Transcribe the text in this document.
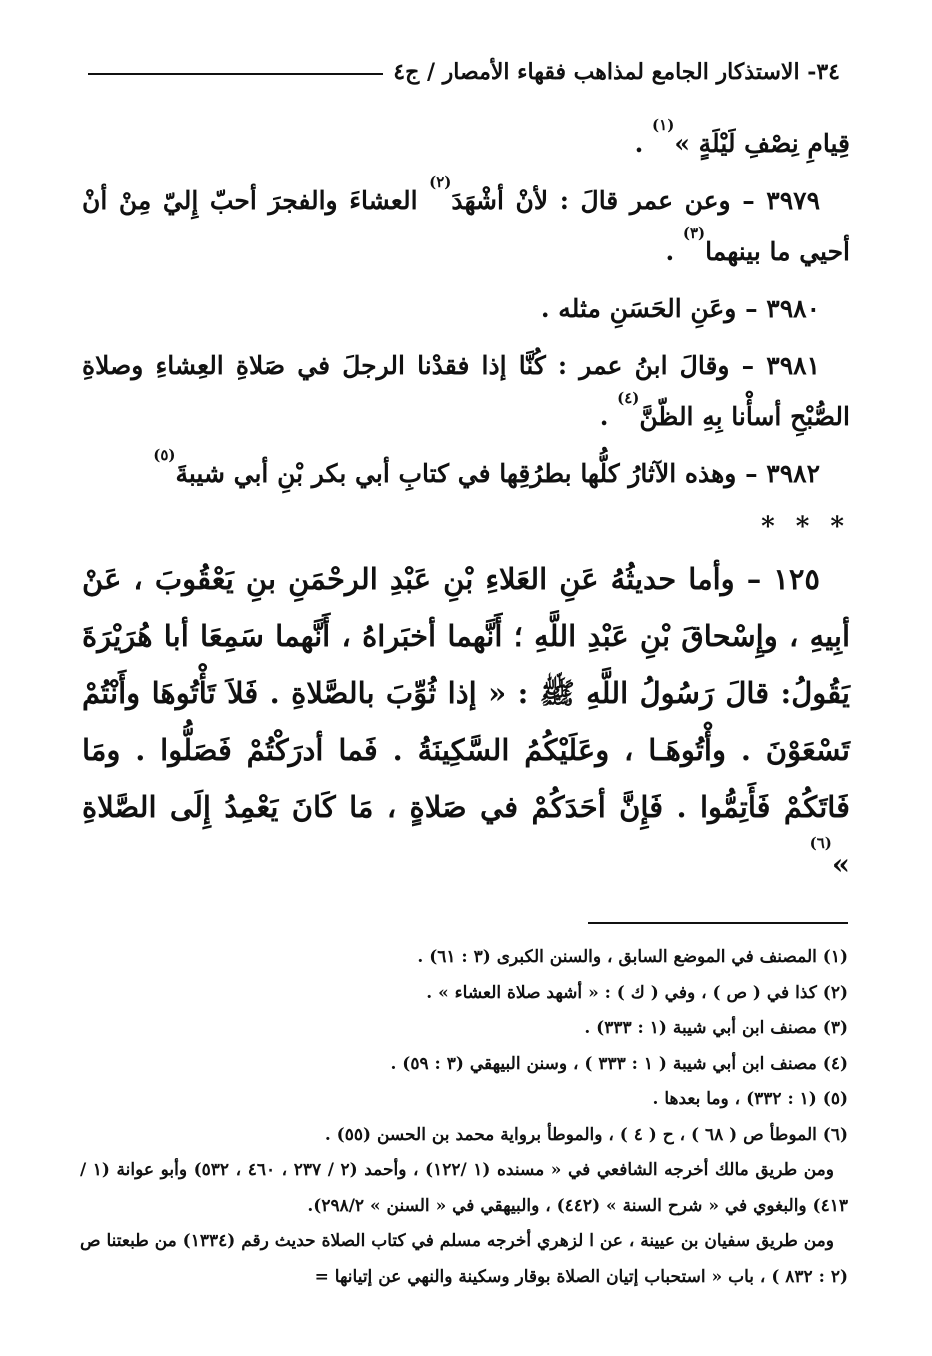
٣٤- الاستذكار الجامع لمذاهب فقهاء الأمصار / ج٤

قِيامِ نِصْفِ لَيْلَةٍ »$^{(١)}$ .

٣٩٧٩ – وعن عمر قالَ : لأنْ أشْهَدَ$^{(٢)}$ العشاءَ والفجرَ أحبّ إِليّ مِنْ أنْ أحيي ما بينهما$^{(٣)}$ .

٣٩٨٠ – وعَنِ الحَسَنِ مثله .

٣٩٨١ – وقالَ ابنُ عمر : كُنَّا إذا فقدْنا الرجلَ في صَلاةِ العِشاءِ وصلاةِ الصُّبْحِ أسأْنا بِهِ الظّنَّ$^{(٤)}$ .

٣٩٨٢ – وهذه الآثارُ كلُّها بطرُقِها في كتابِ أبي بكر بْنِ أبي شيبةَ$^{(٥)}$

* * *

١٢٥ – وأما حديثُهُ عَنِ العَلاءِ بْنِ عَبْدِ الرحْمَنِ بنِ يَعْقُوبَ ، عَنْ أبِيهِ ، وإِسْحاقَ بْنِ عَبْدِ اللَّهِ ؛ أَنَّهما أخبَراهُ ، أَنَّهما سَمِعَا أبا هُرَيْرَةَ يَقُولُ: قالَ رَسُولُ اللَّهِ ﷺ : « إذا ثُوِّبَ بالصَّلاةِ . فَلاَ تَأْتُوهَا وأَنْتُمْ تَسْعَوْنَ . وأْتُوهَـا ، وعَلَيْكُمُ السَّكِينَةُ . فَما أدرَكْتُمْ فَصَلُّوا . ومَا فَاتَكُمْ فَأَتِمُّوا . فَإِنَّ أحَدَكُمْ في صَلاةٍ ، مَا كَانَ يَعْمِدُ إِلَى الصَّلاةِ »$^{(٦)}$

(١) المصنف في الموضع السابق ، والسنن الكبرى (٣ : ٦١) .

(٢) كذا في ( ص ) ، وفي ( ك ) : « أشهد صلاة العشاء » .

(٣) مصنف ابن أبي شيبة (١ : ٣٣٣) .

(٤) مصنف ابن أبي شيبة ( ١ : ٣٣٣ ) ، وسنن البيهقي (٣ : ٥٩) .

(٥) (١ : ٣٣٢) ، وما بعدها .

(٦) الموطأ ص ( ٦٨ ) ، ح ( ٤ ) ، والموطأ برواية محمد بن الحسن (٥٥) .

ومن طريق مالك أخرجه الشافعي في « مسنده (١ /١٢٢) ، وأحمد (٢ / ٢٣٧ ، ٤٦٠ ، ٥٣٢) وأبو عوانة (١ / ٤١٣) والبغوي في « شرح السنة » (٤٤٢) ، والبيهقي في « السنن » ٢٩٨/٢).

ومن طريق سفيان بن عيينة ، عن ا لزهري أخرجه مسلم في كتاب الصلاة حديث رقم (١٣٣٤) من طبعتنا ص (٢ : ٨٣٢ ) ، باب « استحباب إتيان الصلاة بوقار وسكينة والنهي عن إتيانها =
